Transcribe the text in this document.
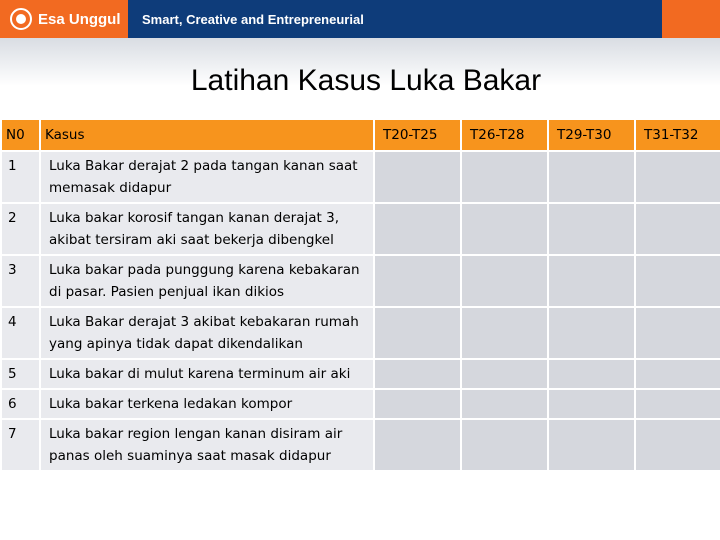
Esa Unggul Smart, Creative and Entrepreneurial
Latihan Kasus Luka Bakar
N0	Kasus	T20-T25	T26-T28	T29-T30	T31-T32
1	Luka Bakar derajat 2 pada tangan kanan saat memasak didapur				
2	Luka bakar korosif tangan kanan derajat 3, akibat tersiram aki saat bekerja dibengkel				
3	Luka bakar pada punggung karena kebakaran di pasar. Pasien penjual ikan dikios				
4	Luka Bakar derajat 3 akibat kebakaran rumah yang apinya tidak dapat dikendalikan				
5	Luka bakar di mulut karena terminum air aki				
6	Luka bakar terkena ledakan kompor				
7	Luka bakar region lengan kanan disiram air panas oleh suaminya saat masak didapur				
